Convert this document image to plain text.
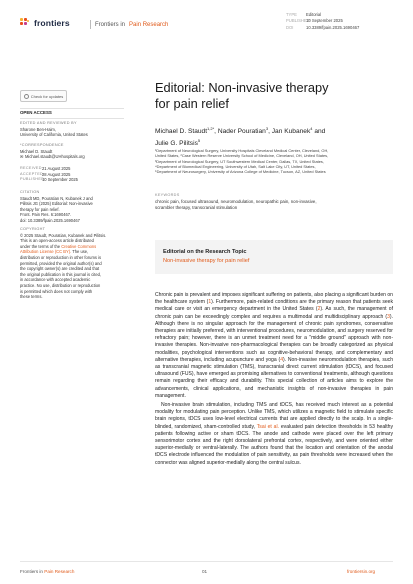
frontiers	Frontiers in Pain Research
TYPE Editorial
PUBLISHED10 September 2025
DOI	10.3389/fpain.2025.1690467
Check for updates
OPEN ACCESS
EDITED AND REVIEWED BY
Sharone Ben-Haim,
University of California, United States
*CORRESPONDENCE
Michael D. Staudt
✉ Michael.staudt@UHhospitals.org
RECEIVED 21 August 2025
ACCEPTED
28 August 2025
PUBLISHED
10 September 2025
CITATION
Staudt MD, Pouratian N, Kubanek J and
Pilitsis JG (2025) Editorial: Non-invasive
therapy for pain relief.
Front. Pain Res. 6:1690467.
doi: 10.3389/fpain.2025.1690467
COPYRIGHT
© 2025 Staudt, Pouratian, Kubanek and Pilitsis.
This is an open-access article distributed
under the terms of the Creative Commons
Attribution License (CC BY). The use,
distribution or reproduction in other forums is
permitted, provided the original author(s) and
the copyright owner(s) are credited and that
the original publication in this journal is cited,
in accordance with accepted academic
practice. No use, distribution or reproduction
is permitted which does not comply with
these terms.
Editorial: Non-invasive therapy
for pain relief
Michael D. Staudt$^{1,2*}$, Nader Pouratian$^3$, Jan Kubanek$^4$ and
Julie G. Pilitsis$^5$
¹Department of Neurological Surgery, University Hospitals Cleveland Medical Center, Cleveland, OH,
United States, ²Case Western Reserve University School of Medicine, Cleveland, OH, United States,
³Department of Neurological Surgery, UT Southwestern Medical Center, Dallas, TX, United States,
⁴Department of Biomedical Engineering, University of Utah, Salt Lake City, UT, United States,
⁵Department of Neurosurgery, University of Arizona College of Medicine, Tucson, AZ, United States
KEYWORDS
chronic pain, focused ultrasound, neuromodulation, neuropathic pain, non-invasive,
scrambler therapy, transcranial stimulation
Editorial on the Research Topic
Non-invasive therapy for pain relief

Chronic pain is prevalent and imposes significant suffering on patients, also placing a significant burden on the healthcare system (1). Furthermore, pain-related conditions are the primary reason that patients seek medical care or visit an emergency department in the United States (2). As such, the management of chronic pain can be exceedingly complex and requires a multimodal and multidisciplinary approach (3). Although there is no singular approach for the management of chronic pain syndromes, conservative therapies are initially preferred, with interventional procedures, neuromodulation, and surgery reserved for refractory pain; however, there is an unmet treatment need for a "middle ground" approach with non-invasive therapies. Non-invasive non-pharmacological therapies can be broadly categorized as physical modalities, psychological interventions such as cognitive-behavioral therapy, and complementary and alternative therapies, including acupuncture and yoga (4). Non-invasive neuromodulation therapies, such as transcranial magnetic stimulation (TMS), transcranial direct current stimulation (tDCS), and focused ultrasound (FUS), have emerged as promising alternatives to conventional treatments, although questions remain regarding their efficacy and durability. This special collection of articles aims to explore the advancements, clinical applications, and mechanistic insights of non-invasive therapies in pain management.

Non-invasive brain stimulation, including TMS and tDCS, has received much interest as a potential modality for modulating pain perception. Unlike TMS, which utilizes a magnetic field to stimulate specific brain regions, tDCS uses low-level electrical currents that are applied directly to the scalp. In a single-blinded, randomized, sham-controlled study, Tsai et al. evaluated pain detection thresholds in 53 healthy patients following active or sham tDCS. The anode and cathode were placed over the left primary sensorimotor cortex and the right dorsolateral prefrontal cortex, respectively, and were oriented either superior-medially or ventral-laterally. The authors found that the location and orientation of the anodal tDCS electrode influenced the modulation of pain sensitivity, as pain thresholds were increased when the connector was aligned superior-medially along the central sulcus.

Frontiers in Pain Research	01	frontiersin.org
